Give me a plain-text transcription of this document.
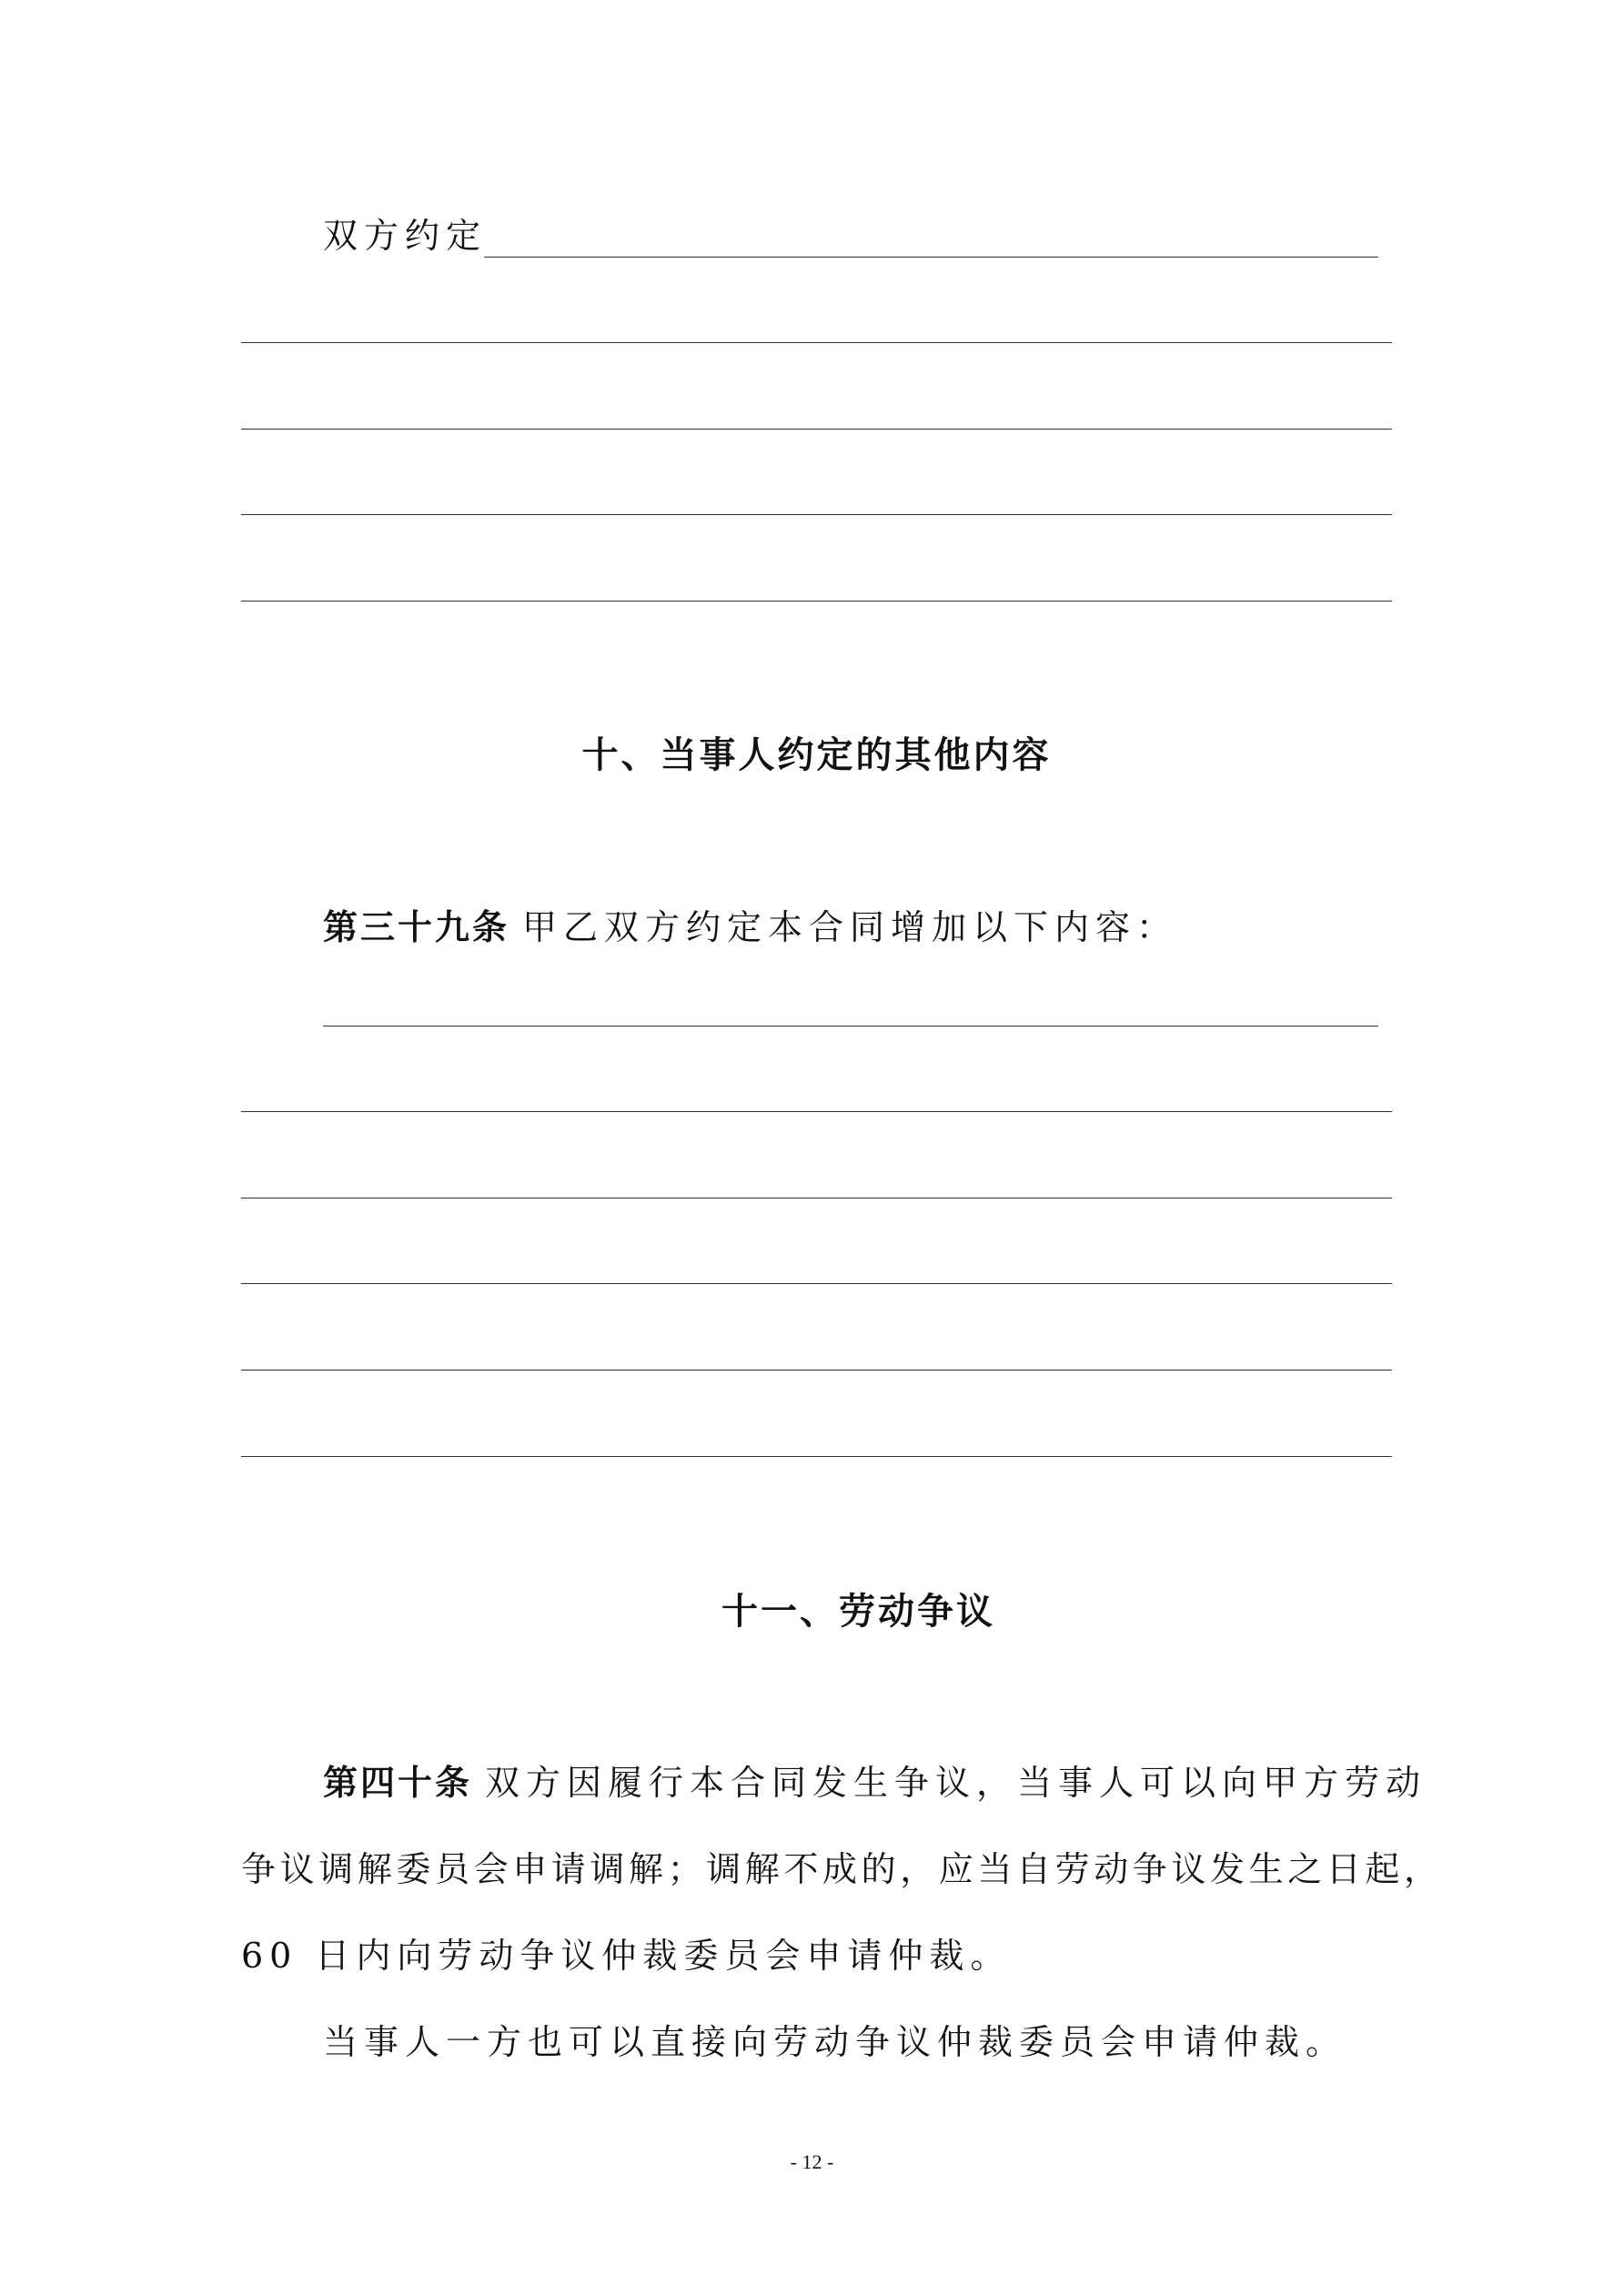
双方约定
十、当事人约定的其他内容
第三十九条 甲乙双方约定本合同增加以下内容：
十一、劳动争议
第四十条 双方因履行本合同发生争议，当事人可以向甲方劳动
争议调解委员会申请调解；调解不成的，应当自劳动争议发生之日起，
60 日内向劳动争议仲裁委员会申请仲裁。
当事人一方也可以直接向劳动争议仲裁委员会申请仲裁。
- 12 -
